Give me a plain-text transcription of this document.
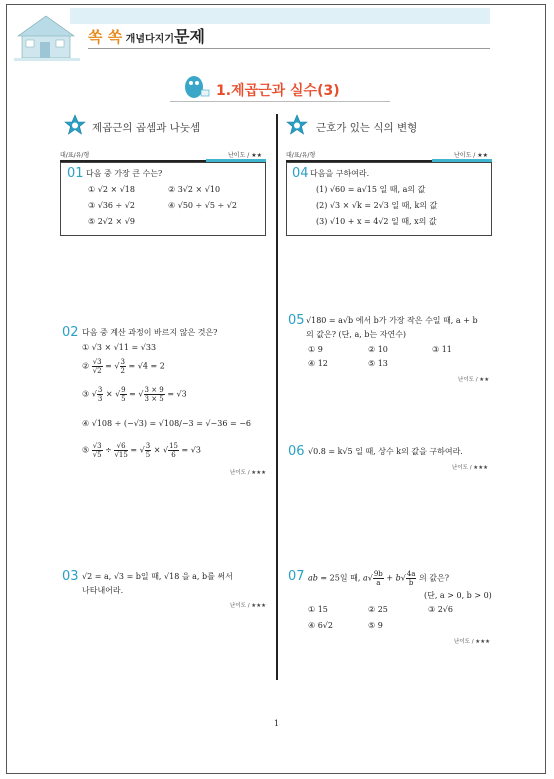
쏙 쏙 개념다지기문제
1.제곱근과 실수(3)
제곱근의 곱셈과 나눗셈	근호가 있는 식의 변형
대/표/유/형	난이도 / ★★	대/표/유/형	난이도 / ★★
01 다음 중 가장 큰 수는?
① √2 × √18	② 3√2 × √10
③ √36 ÷ √2	④ √50 ÷ √5 ÷ √2
⑤ 2√2 × √9
04 다음을 구하여라.
(1) √60 = a√15 일 때, a의 값
(2) √3 × √k = 2√3 일 때, k의 값
(3) √10 + x = 4√2 일 때, x의 값
02 다음 중 계산 과정이 바르지 않은 것은?
① √3 × √11 = √33
② $\frac{√3}{√2}$ = √ $\frac{3}{2} = √4 = 2$
③ √ $\frac{3}{3}$ × √ $\frac{9}{5}$ = √ $\frac{3 \times 9}{3 \times 5} = √3$
④ √108 ÷ (−√3) = √108/−3 = √−36 = −6
⑤ $\frac{√3}{√5} \div \frac{√6}{√15}$ = √ $\frac{3}{5}$ × √ $\frac{15}{6} = √3$
난이도 / ★★★
05 √180 = a√b 에서 b가 가장 작은 수일 때, a + b
의 값은? (단, a, b는 자연수)
① 9	② 10	③ 11
④ 12	⑤ 13
난이도 / ★★
06 √0.8 = k√5 일 때, 상수 k의 값을 구하여라.
난이도 / ★★★
03 √2 = a, √3 = b일 때, √18 을 a, b를 써서
나타내어라.
난이도 / ★★★
07 ab = 25일 때, $a√ \frac{9b}{a} + b√ \frac{4a}{b}$ 의 값은?
(단, a > 0, b > 0)
① 15	② 25	③ 2√6
④ 6√2	⑤ 9
난이도 / ★★★
1
